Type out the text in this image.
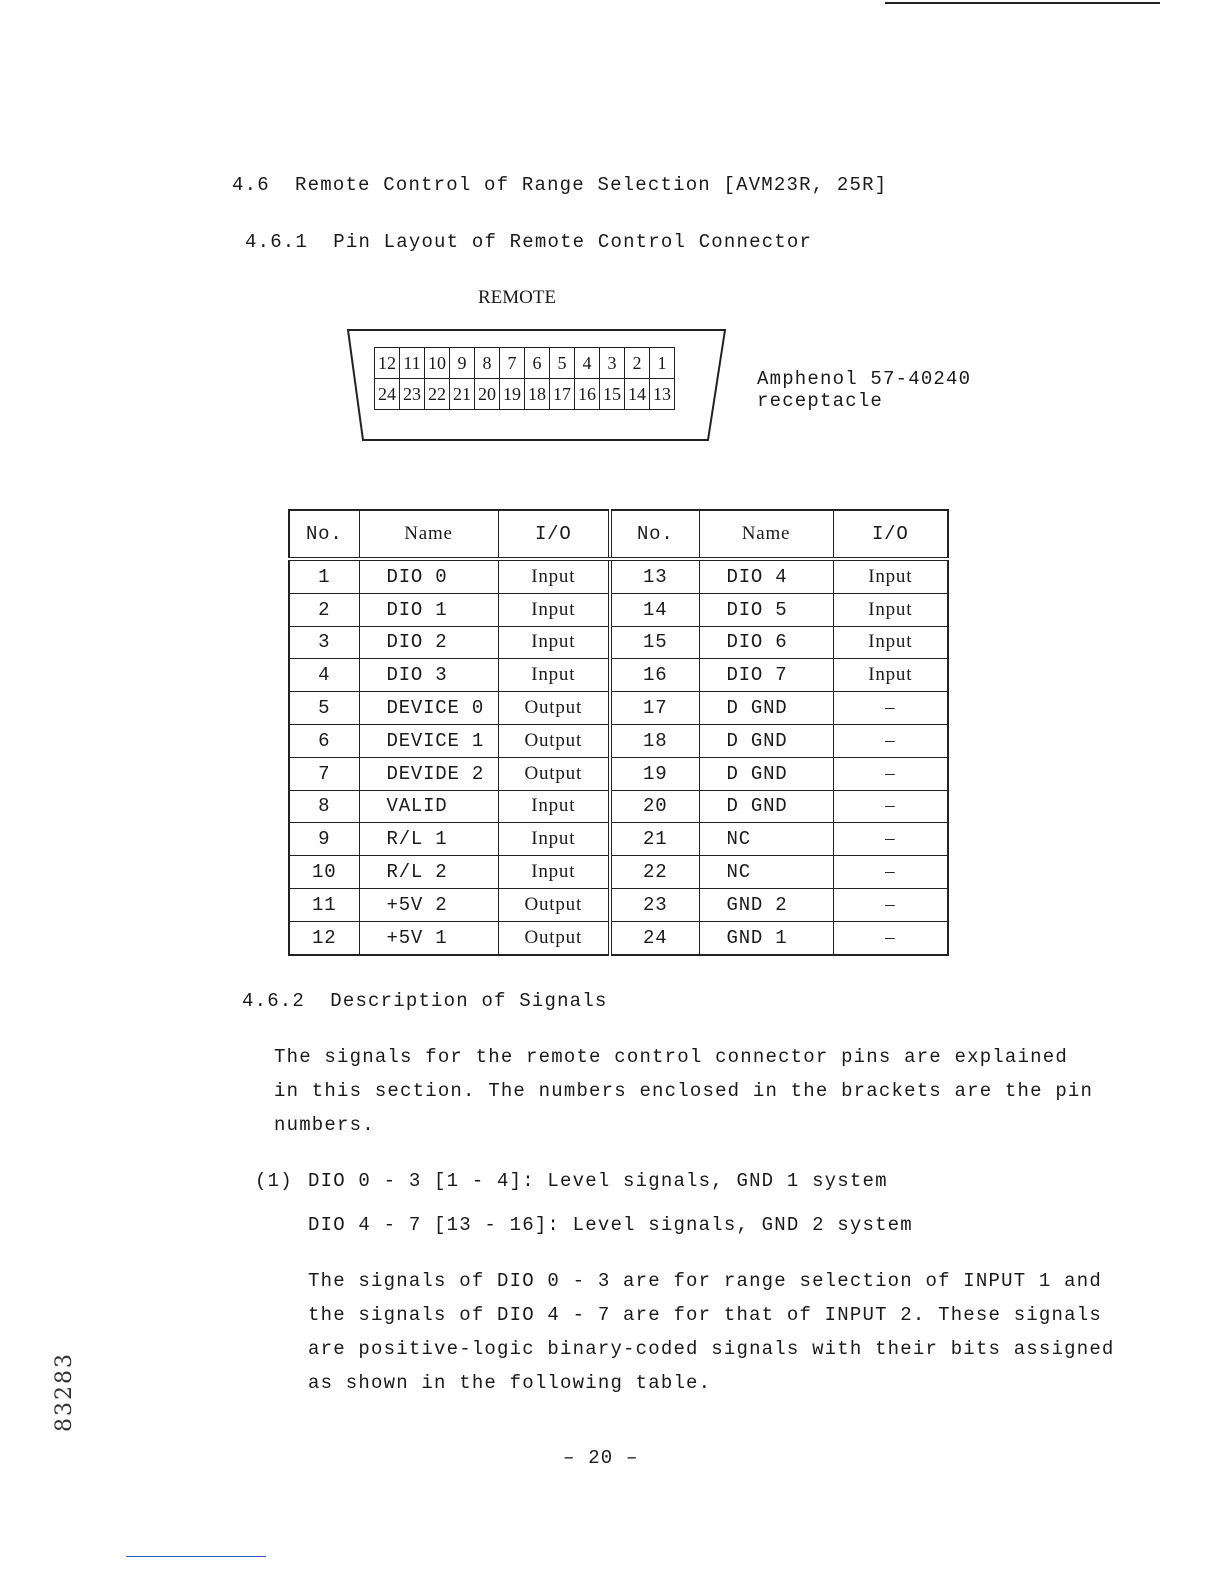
4.6 Remote Control of Range Selection [AVM23R, 25R]
4.6.1 Pin Layout of Remote Control Connector
REMOTE
12	11	10	9	8	7	6	5	4	3	2	1
24	23	22	21	20	19	18	17	16	15	14	13
Amphenol 57-40240
receptacle
No.	Name	I/O	No.	Name	I/O
1	DIO 0	Input	13	DIO 4	Input
2	DIO 1	Input	14	DIO 5	Input
3	DIO 2	Input	15	DIO 6	Input
4	DIO 3	Input	16	DIO 7	Input
5	DEVICE 0	Output	17	D GND	–
6	DEVICE 1	Output	18	D GND	–
7	DEVIDE 2	Output	19	D GND	–
8	VALID	Input	20	D GND	–
9	R/L 1	Input	21	NC	–
10	R/L 2	Input	22	NC	–
11	+5V 2	Output	23	GND 2	–
12	+5V 1	Output	24	GND 1	–
4.6.2 Description of Signals
The signals for the remote control connector pins are explained
in this section. The numbers enclosed in the brackets are the pin
numbers.
(1) DIO 0 - 3 [1 - 4]: Level signals, GND 1 system
DIO 4 - 7 [13 - 16]: Level signals, GND 2 system
The signals of DIO 0 - 3 are for range selection of INPUT 1 and
the signals of DIO 4 - 7 are for that of INPUT 2. These signals
are positive-logic binary-coded signals with their bits assigned
as shown in the following table.
– 20 –
83283
